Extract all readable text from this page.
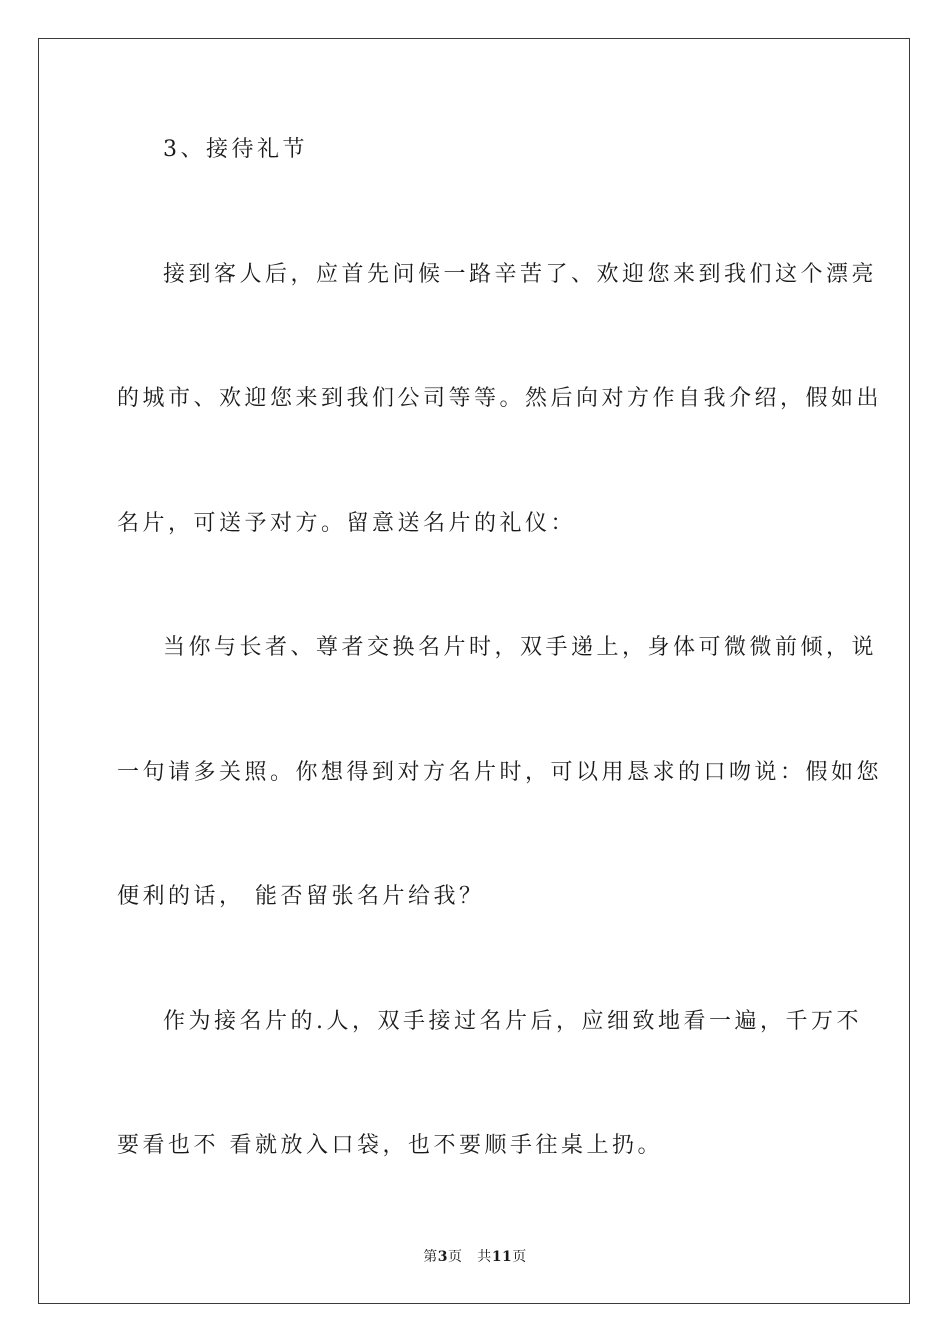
3、接待礼节
接到客人后，应首先问候一路辛苦了、欢迎您来到我们这个漂亮
的城市、欢迎您来到我们公司等等。然后向对方作自我介绍，假如出
名片，可送予对方。留意送名片的礼仪：
当你与长者、尊者交换名片时，双手递上，身体可微微前倾，说
一句请多关照。你想得到对方名片时，可以用恳求的口吻说：假如您
便利的话， 能否留张名片给我？
作为接名片的.人，双手接过名片后，应细致地看一遍，千万不
要看也不 看就放入口袋，也不要顺手往桌上扔。
第3页   共11页
